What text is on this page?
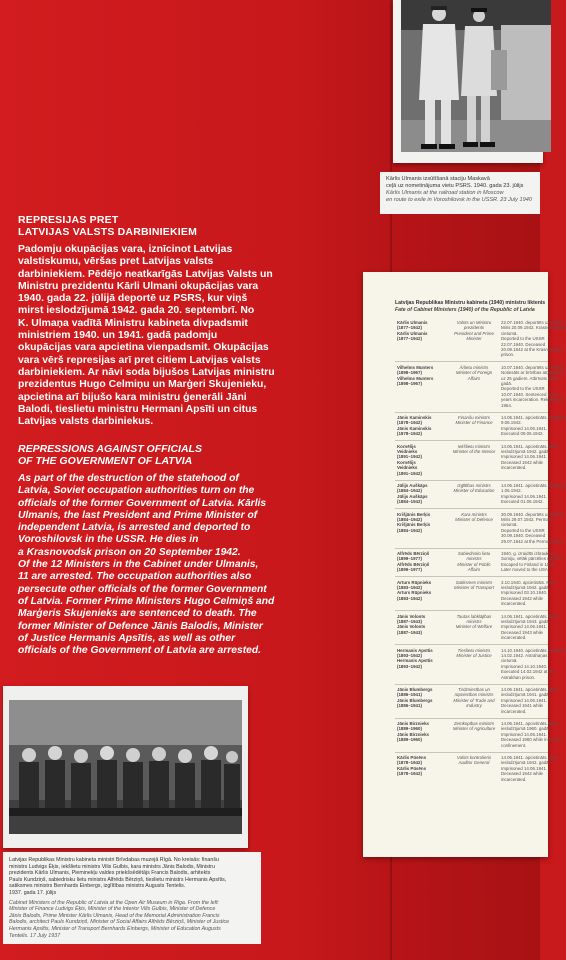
Kārlis Ulmanis izsūtīšanā staciju Maskavā
ceļā uz nometinājuma vietu PSRS. 1940. gada 23. jūlijs
Kārlis Ulmanis at the railroad station in Moscow
en route to exile in Voroshilovsk in the USSR. 23 July 1940
REPRESIJAS PRET
LATVIJAS VALSTS DARBINIEKIEM
Padomju okupācijas vara, iznīcinot Latvijas
valstiskumu, vēršas pret Latvijas valsts
darbiniekiem. Pēdējo neatkarīgās Latvijas Valsts un
Ministru prezidentu Kārli Ulmani okupācijas vara
1940. gada 22. jūlijā deportē uz PSRS, kur viņš
mirst ieslodzījumā 1942. gada 20. septembrī. No
K. Ulmaņa vadītā Ministru kabineta divpadsmit
ministriem 1940. un 1941. gadā padomju
okupācijas vara apcietina vienpadsmit. Okupācijas
vara vērš represijas arī pret citiem Latvijas valsts
darbiniekiem. Ar nāvi soda bijušos Latvijas ministru
prezidentus Hugo Celmiņu un Marģeri Skujenieku,
apcietina arī bijušo kara ministru ģenerāli Jāni
Balodi, tieslietu ministru Hermani Apsīti un citus
Latvijas valsts darbiniekus.
REPRESSIONS AGAINST OFFICIALS
OF THE GOVERNMENT OF LATVIA
As part of the destruction of the statehood of
Latvia, Soviet occupation authorities turn on the
officials of the former Government of Latvia. Kārlis
Ulmanis, the last President and Prime Minister of
independent Latvia, is arrested and deported to
Voroshilovsk in the USSR. He dies in
a Krasnovodsk prison on 20 September 1942.
Of the 12 Ministers in the Cabinet under Ulmanis,
11 are arrested. The occupation authorities also
persecute other officials of the former Government
of Latvia. Former Prime Ministers Hugo Celmiņš and
Marģeris Skujenieks are sentenced to death. The
former Minister of Defence Jānis Balodis, Minister
of Justice Hermanis Apsītis, as well as other
officials of the Government of Latvia are arrested.
Latvijas Republikas Ministru kabineta ministri Brīvdabas muzejā Rīgā. No kreisās: finanšu
ministrs Ludvigs Ēķis, iekšlietu ministrs Vilis Gulbis, kara ministrs Jānis Balodis, Ministru
prezidents Kārlis Ulmanis, Pieminekļu valdes priekšsēdētājs Francis Balodis, arhitekts
Pauls Kundziņš, sabiedrisku lietu ministrs Alfrēds Bērziņš, tieslietu ministrs Hermanis Apsītis,
satiksmes ministrs Bernhards Einbergs, izglītības ministrs Augusts Tentelis.
1937. gada 17. jūlijs
Cabinet Ministers of the Republic of Latvia at the Open Air Museum in Riga. From the left:
Minister of Finance Ludvigs Ēķis, Minister of the Interior Vilis Gulbis, Minister of Defence
Jānis Balodis, Prime Minister Kārlis Ulmanis, Head of the Memorial Administration Francis
Balodis, architect Pauls Kundziņš, Minister of Social Affairs Alfrēds Bērziņš, Minister of Justice
Hermanis Apsītis, Minister of Transport Bernhards Einbergs, Minister of Education Augusts
Tentelis. 17 July 1937
Latvijas Republikas Ministru kabineta (1940) ministru liktenis
Fate of Cabinet Ministers (1940) of the Republic of Latvia
Kārlis Ulmanis
(1877–1942)
Kārlis Ulmanis
(1877–1942)
Valsts un Ministru
prezidents
President and Prime
Minister
22.07.1940. deportēts uz PSRS.
Miris 20.09.1942. Krasnovodskas
cietumā.
Deported to the USSR
22.07.1940. Deceased
20.09.1942 at the Krasnovodsk
prison.
Vilhelms Munters
(1898–1967)
Vilhelms Munters
(1898–1967)
Ārlietu ministrs
Minister of Foreign
Affairs
10.07.1940. deportēts uz PSRS.
Notiesāts ar brīvības atņemšanu
uz 25 gadiem. Atbrīvots 1954.
gadā.
Deported to the USSR
10.07.1940. Sentenced to 25
years incarceration. Released in
1954.
Jānis Kaminskis
(1878–1942)
Jānis Kaminskis
(1878–1942)
Finanšu ministrs
Minister of Finance
14.06.1941. apcietināts. Nošauts
9.06.1942.
Imprisoned 14.06.1941.
Executed 09.06.1942.
Kornēlijs
Veidnieks
(1891–1942)
Kornēlijs
Veidnieks
(1891–1942)
Iekšlietu ministrs
Minister of the Interior
14.06.1941. apcietināts. Miris
ieslodzījumā 1942. gadā.
Imprisoned 14.06.1941.
Deceased 1942 while
incarcerated.
Jūlijs Auškāps
(1884–1942)
Jūlijs Auškāps
(1884–1942)
Izglītības ministrs
Minister of Education
14.06.1941. apcietināts. Nošauts
1.06.1942.
Imprisoned 14.06.1941.
Executed 01.06.1942.
Krišjānis Berķis
(1884–1942)
Krišjānis Berķis
(1884–1942)
Kara ministrs
Minister of Defence
30.09.1940. deportēts uz PSRS.
Miris 29.07.1942. Permas
cietumā.
Deported to the USSR
30.09.1940. Deceased
29.07.1942 at the Perma prison.
Alfrēds Bērziņš
(1899–1977)
Alfrēds Bērziņš
(1899–1977)
Sabiedrisko lietu
ministrs
Minister of Public
Affairs
1940. g. izraidīts izbraukt uz
Somiju, vēlāk pārcēlies uz ASV.
Escaped to Finland in 1940.
Later moved to the USA.
Arturs Rūpnieks
(1883–1942)
Arturs Rūpnieks
(1883–1942)
Satiksmes ministrs
Minister of Transport
3.10.1940. apcietināts. Miris
ieslodzījumā 1942. gadā.
Imprisoned 03.10.1940.
Deceased 1942 while
incarcerated.
Jānis Volonts
(1887–1943)
Jānis Volonts
(1887–1943)
Tautas labklājības
ministrs
Minister of Welfare
14.06.1941. apcietināts. Miris
ieslodzījumā 1943. gadā.
Imprisoned 14.06.1941.
Deceased 1943 while
incarcerated.
Hermanis Apsītis
(1893–1942)
Hermanis Apsītis
(1893–1942)
Tieslietu ministrs
Minister of Justice
14.10.1940. apcietināts. Nošauts
14.02.1942. Astrahaņas
cietumā.
Imprisoned 14.10.1940.
Executed 14.02.1942 at the
Astrakhan prison.
Jānis Blumbergs
(1886–1941)
Jānis Blumbergs
(1886–1941)
Tirdzniecības un
rūpniecības ministrs
Minister of Trade and
Industry
14.06.1941. apcietināts. Miris
ieslodzījumā 1941. gadā.
Imprisoned 14.06.1941.
Deceased 1941 while
incarcerated.
Jānis Birznieks
(1889–1960)
Jānis Birznieks
(1889–1960)
Zemkopības ministrs
Minister of Agriculture
14.06.1941. apcietināts. Miris
ieslodzījumā 1960. gadā.
Imprisoned 14.06.1941.
Deceased 1960 while in Soviet
confinement.
Kārlis Pūsēns
(1878–1942)
Kārlis Pūsēns
(1878–1942)
Valsts kontrolieris
Auditor General
14.06.1941. apcietināts. Miris
ieslodzījumā 1942. gadā.
Imprisoned 14.06.1941.
Deceased 1942 while
incarcerated.
